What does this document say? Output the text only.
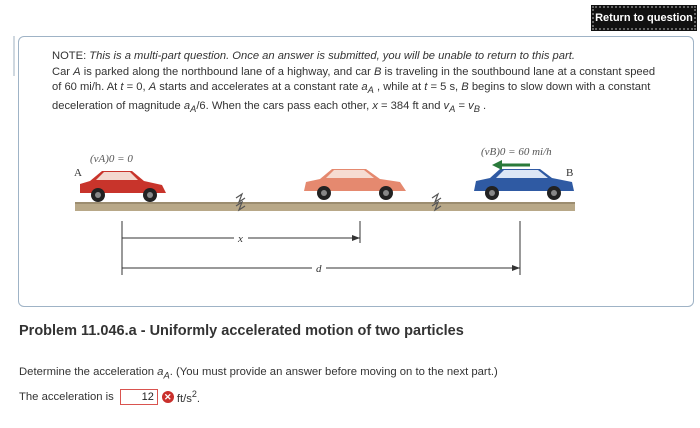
Return to question
NOTE: This is a multi-part question. Once an answer is submitted, you will be unable to return to this part.
Car A is parked along the northbound lane of a highway, and car B is traveling in the southbound lane at a constant speed of 60 mi/h. At t = 0, A starts and accelerates at a constant rate $a_A$ , while at t = 5 s, B begins to slow down with a constant deceleration of magnitude $a_A/6$. When the cars pass each other, x = 384 ft and $v_A = v_B$ .
(vA)0 = 0
(vB)0 = 60 mi/h
A	B
x
d
Problem 11.046.a - Uniformly accelerated motion of two particles
Determine the acceleration $a_A$. (You must provide an answer before moving on to the next part.)
The acceleration is
12	✕ $ft/s^2$.
